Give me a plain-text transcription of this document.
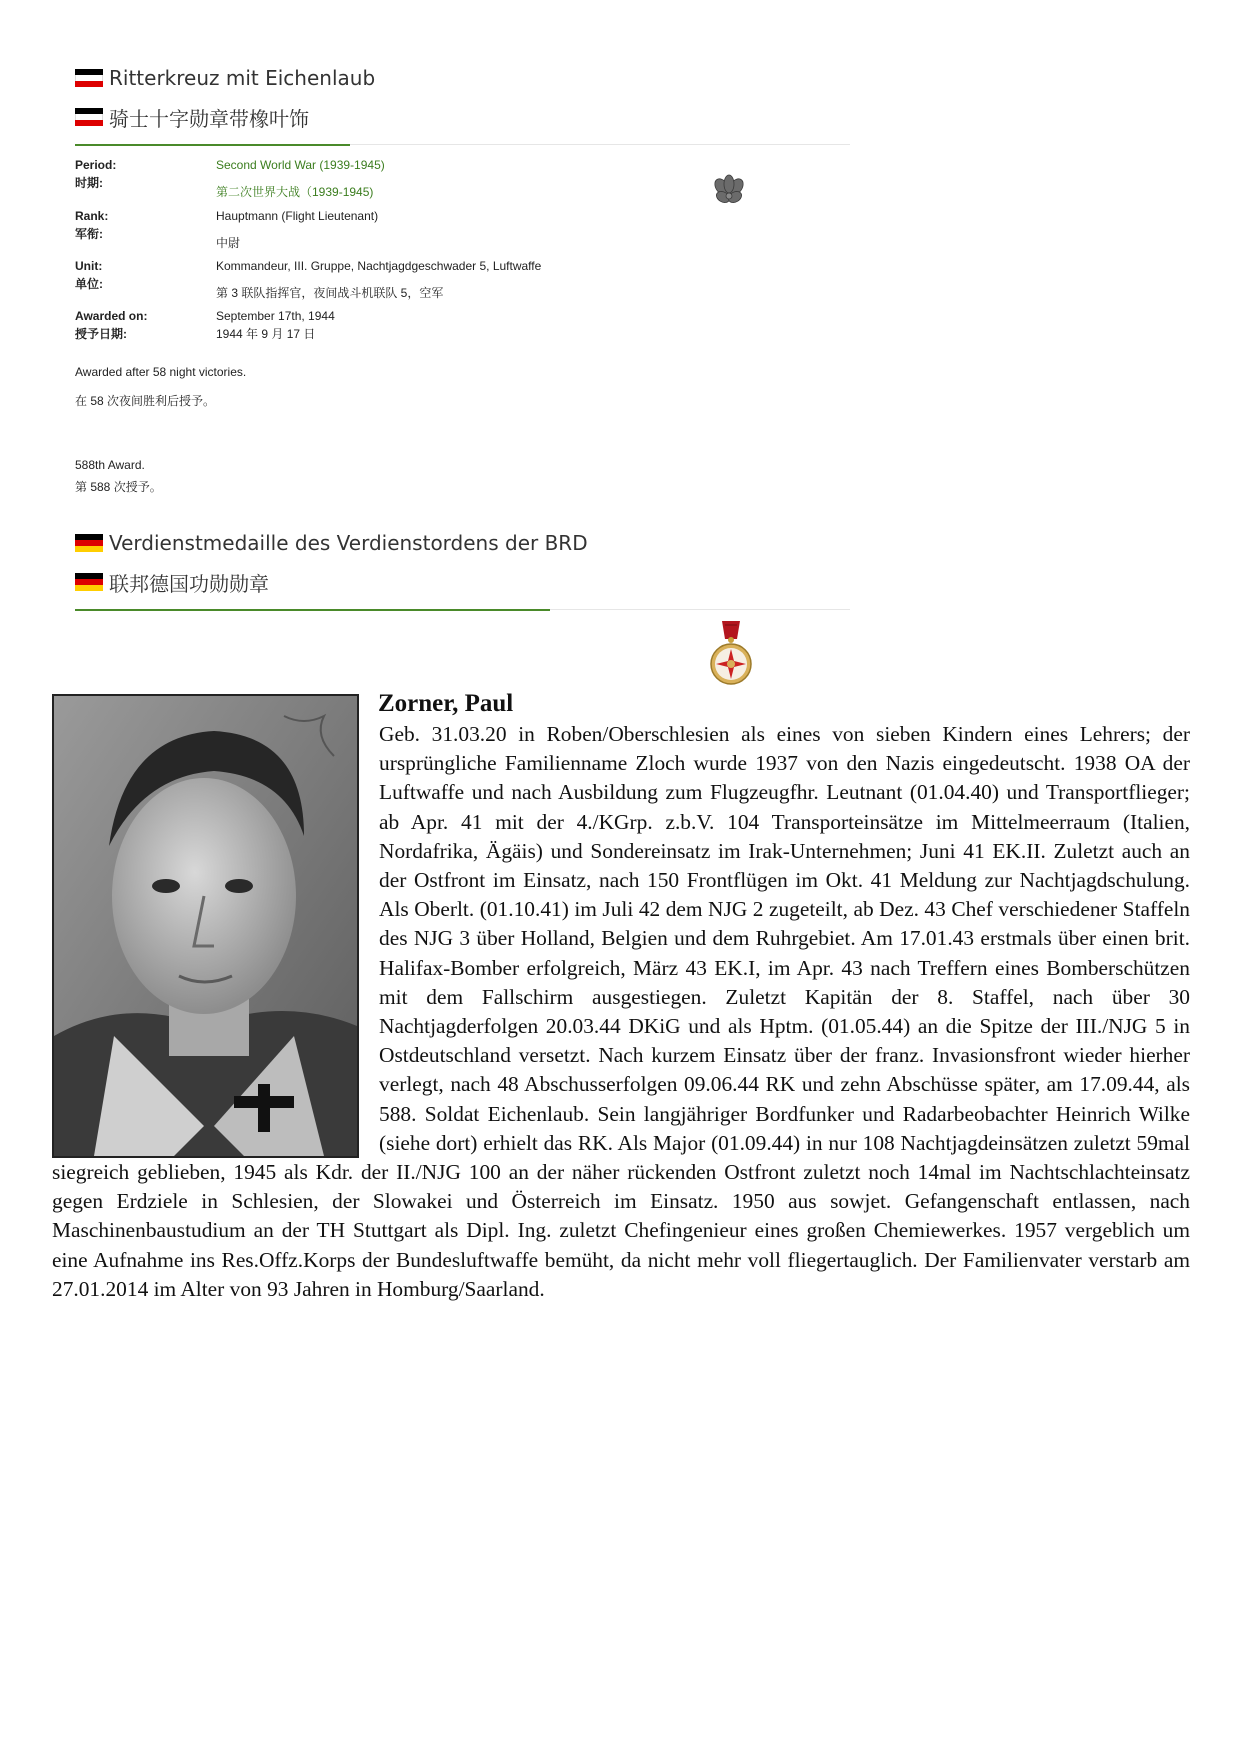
Ritterkreuz mit Eichenlaub
骑士十字勋章带橡叶饰
Period:
时期:
Second World War (1939-1945)
第二次世界大战（1939-1945)
Rank:
军衔:
Hauptmann (Flight Lieutenant)
中尉
Unit:
单位:
Kommandeur, III. Gruppe, Nachtjagdgeschwader 5, Luftwaffe
第 3 联队指挥官，夜间战斗机联队 5，空军
Awarded on:
授予日期:
September 17th, 1944
1944 年 9 月 17 日
Awarded after 58 night victories.
在 58 次夜间胜利后授予。
588th Award.
第 588 次授予。
Verdienstmedaille des Verdienstordens der BRD
联邦德国功勋勋章
Zorner, Paul
Geb. 31.03.20 in Roben/Oberschlesien als eines von sieben Kindern eines Lehrers; der ursprüngliche Familienname Zloch wurde 1937 von den Nazis eingedeutscht. 1938 OA der Luftwaffe und nach Ausbildung zum Flugzeugfhr. Leutnant (01.04.40) und Transportflieger; ab Apr. 41 mit der 4./KGrp. z.b.V. 104 Transporteinsätze im Mittelmeerraum (Italien, Nordafrika, Ägäis) und Sondereinsatz im Irak-Unternehmen; Juni 41 EK.II. Zuletzt auch an der Ostfront im Einsatz, nach 150 Frontflügen im Okt. 41 Meldung zur Nachtjagdschulung. Als Oberlt. (01.10.41) im Juli 42 dem NJG 2 zugeteilt, ab Dez. 43 Chef verschiedener Staffeln des NJG 3 über Holland, Belgien und dem Ruhrgebiet. Am 17.01.43 erstmals über einen brit. Halifax-Bomber erfolgreich, März 43 EK.I, im Apr. 43 nach Treffern eines Bomberschützen mit dem Fallschirm ausgestiegen. Zuletzt Kapitän der 8. Staffel, nach über 30 Nachtjagderfolgen 20.03.44 DKiG und als Hptm. (01.05.44) an die Spitze der III./NJG 5 in Ostdeutschland versetzt. Nach kurzem Einsatz über der franz. Invasionsfront wieder hierher verlegt, nach 48 Abschusserfolgen 09.06.44 RK und zehn Abschüsse später, am 17.09.44, als 588. Soldat Eichenlaub. Sein langjähriger Bordfunker und Radarbeobachter Heinrich Wilke (siehe dort) erhielt das RK. Als Major (01.09.44) in nur 108 Nachtjagdeinsätzen zuletzt 59mal siegreich geblieben, 1945 als Kdr. der II./NJG 100 an der näher rückenden Ostfront zuletzt noch 14mal im Nachtschlachteinsatz gegen Erdziele in Schlesien, der Slowakei und Österreich im Einsatz. 1950 aus sowjet. Gefangenschaft entlassen, nach Maschinenbaustudium an der TH Stuttgart als Dipl. Ing. zuletzt Chefingenieur eines großen Chemiewerkes. 1957 vergeblich um eine Aufnahme ins Res.Offz.Korps der Bundesluftwaffe bemüht, da nicht mehr voll fliegertauglich. Der Familienvater verstarb am 27.01.2014 im Alter von 93 Jahren in Homburg/Saarland.
